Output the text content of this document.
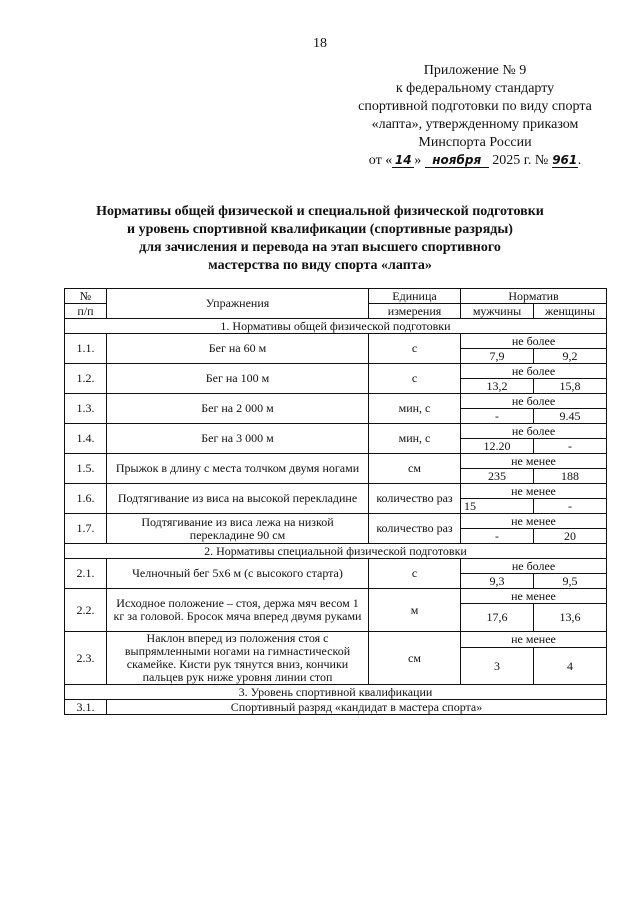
18
Приложение № 9
к федеральному стандарту
спортивной подготовки по виду спорта
«лапта», утвержденному приказом
Минспорта России
от « 14 » ноября 2025 г. № 961.
Нормативы общей физической и специальной физической подготовки
и уровень спортивной квалификации (спортивные разряды)
для зачисления и перевода на этап высшего спортивного
мастерства по виду спорта «лапта»
№	Упражнения	Единица	Норматив	
п/п		измерения	мужчины	женщины
1. Нормативы общей физической подготовки				
1.1.	Бег на 60 м	с	не более	
			7,9	9,2
1.2.	Бег на 100 м	с	не более	
			13,2	15,8
1.3.	Бег на 2 000 м	мин, с	не более	
			-	9.45
1.4.	Бег на 3 000 м	мин, с	не более	
			12.20	-
1.5.	Прыжок в длину с места толчком двумя ногами	см	не менее	
			235	188
1.6.	Подтягивание из виса на высокой перекладине	количество раз	не менее	
			15	-
1.7.	Подтягивание из виса лежа на низкой перекладине 90 см	количество раз	не менее	
			-	20
2. Нормативы специальной физической подготовки				
2.1.	Челночный бег 5х6 м (с высокого старта)	с	не более	
			9,3	9,5
2.2.	Исходное положение – стоя, держа мяч весом 1 кг за головой. Бросок мяча вперед двумя руками	м	не менее	
			17,6	13,6
2.3.	Наклон вперед из положения стоя с выпрямленными ногами на гимнастической скамейке. Кисти рук тянутся вниз, кончики пальцев рук ниже уровня линии стоп	см	не менее	
			3	4
3. Уровень спортивной квалификации				
3.1.	Спортивный разряд «кандидат в мастера спорта»			
